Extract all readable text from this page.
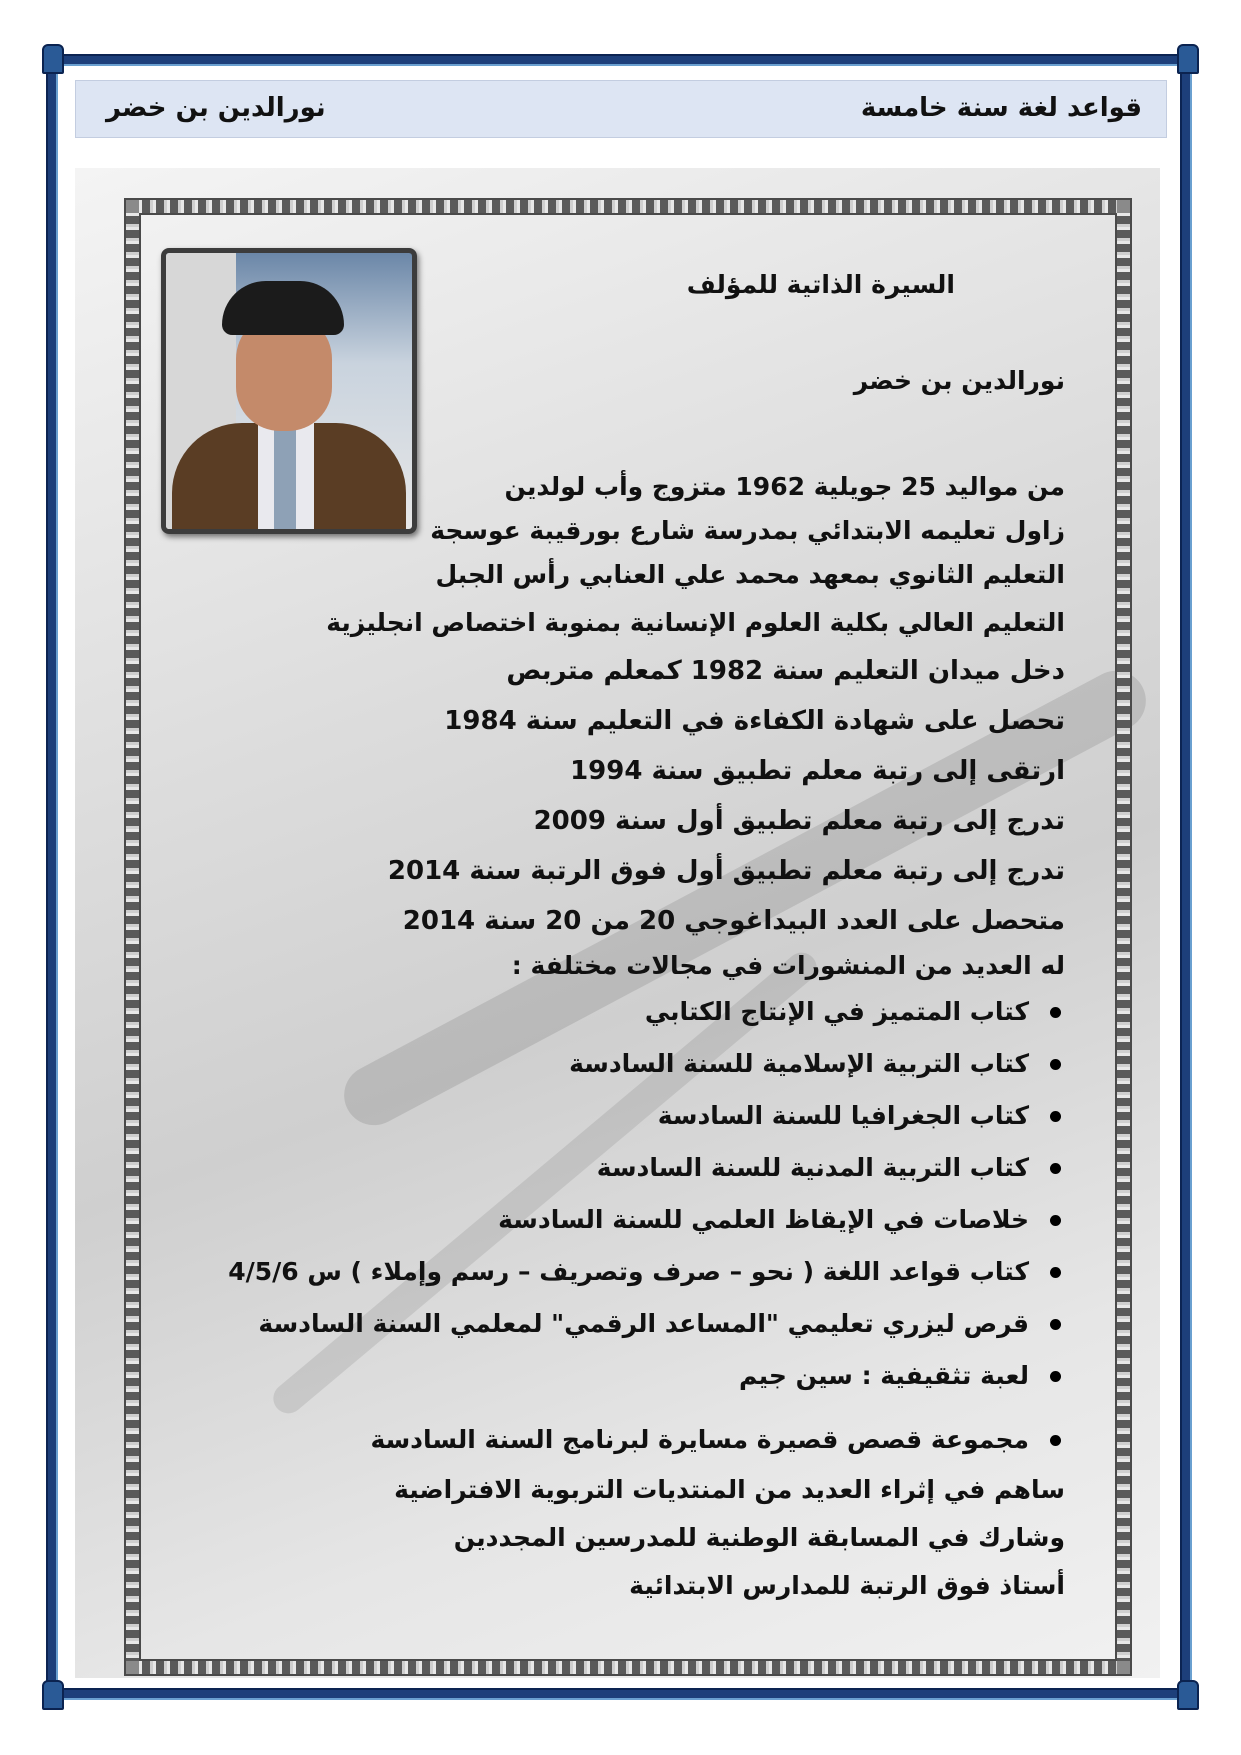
قواعد لغة سنة خامسة
نورالدين بن خضر
السيرة الذاتية للمؤلف
نورالدين بن خضر
من مواليد 25 جويلية 1962 متزوج وأب لولدين
زاول تعليمه الابتدائي بمدرسة شارع بورقيبة عوسجة
التعليم الثانوي بمعهد محمد علي العنابي رأس الجبل
التعليم العالي بكلية العلوم الإنسانية بمنوبة اختصاص انجليزية
دخل ميدان التعليم سنة 1982 كمعلم متربص
تحصل على شهادة الكفاءة في التعليم سنة 1984
ارتقى إلى رتبة معلم تطبيق سنة 1994
تدرج إلى رتبة معلم تطبيق أول سنة 2009
تدرج إلى رتبة معلم تطبيق أول فوق الرتبة سنة 2014
متحصل على العدد البيداغوجي 20 من 20 سنة 2014
له العديد من المنشورات في مجالات مختلفة :
كتاب المتميز في الإنتاج الكتابي
كتاب التربية الإسلامية للسنة السادسة
كتاب الجغرافيا للسنة السادسة
كتاب التربية المدنية للسنة السادسة
خلاصات في الإيقاظ العلمي للسنة السادسة
كتاب قواعد اللغة ( نحو – صرف وتصريف – رسم وإملاء ) س 4/5/6
قرص ليزري تعليمي "المساعد الرقمي" لمعلمي السنة السادسة
لعبة تثقيفية : سين جيم
مجموعة قصص قصيرة مسايرة لبرنامج السنة السادسة
ساهم في إثراء العديد من المنتديات التربوية الافتراضية
وشارك في المسابقة الوطنية للمدرسين المجددين
أستاذ فوق الرتبة للمدارس الابتدائية
